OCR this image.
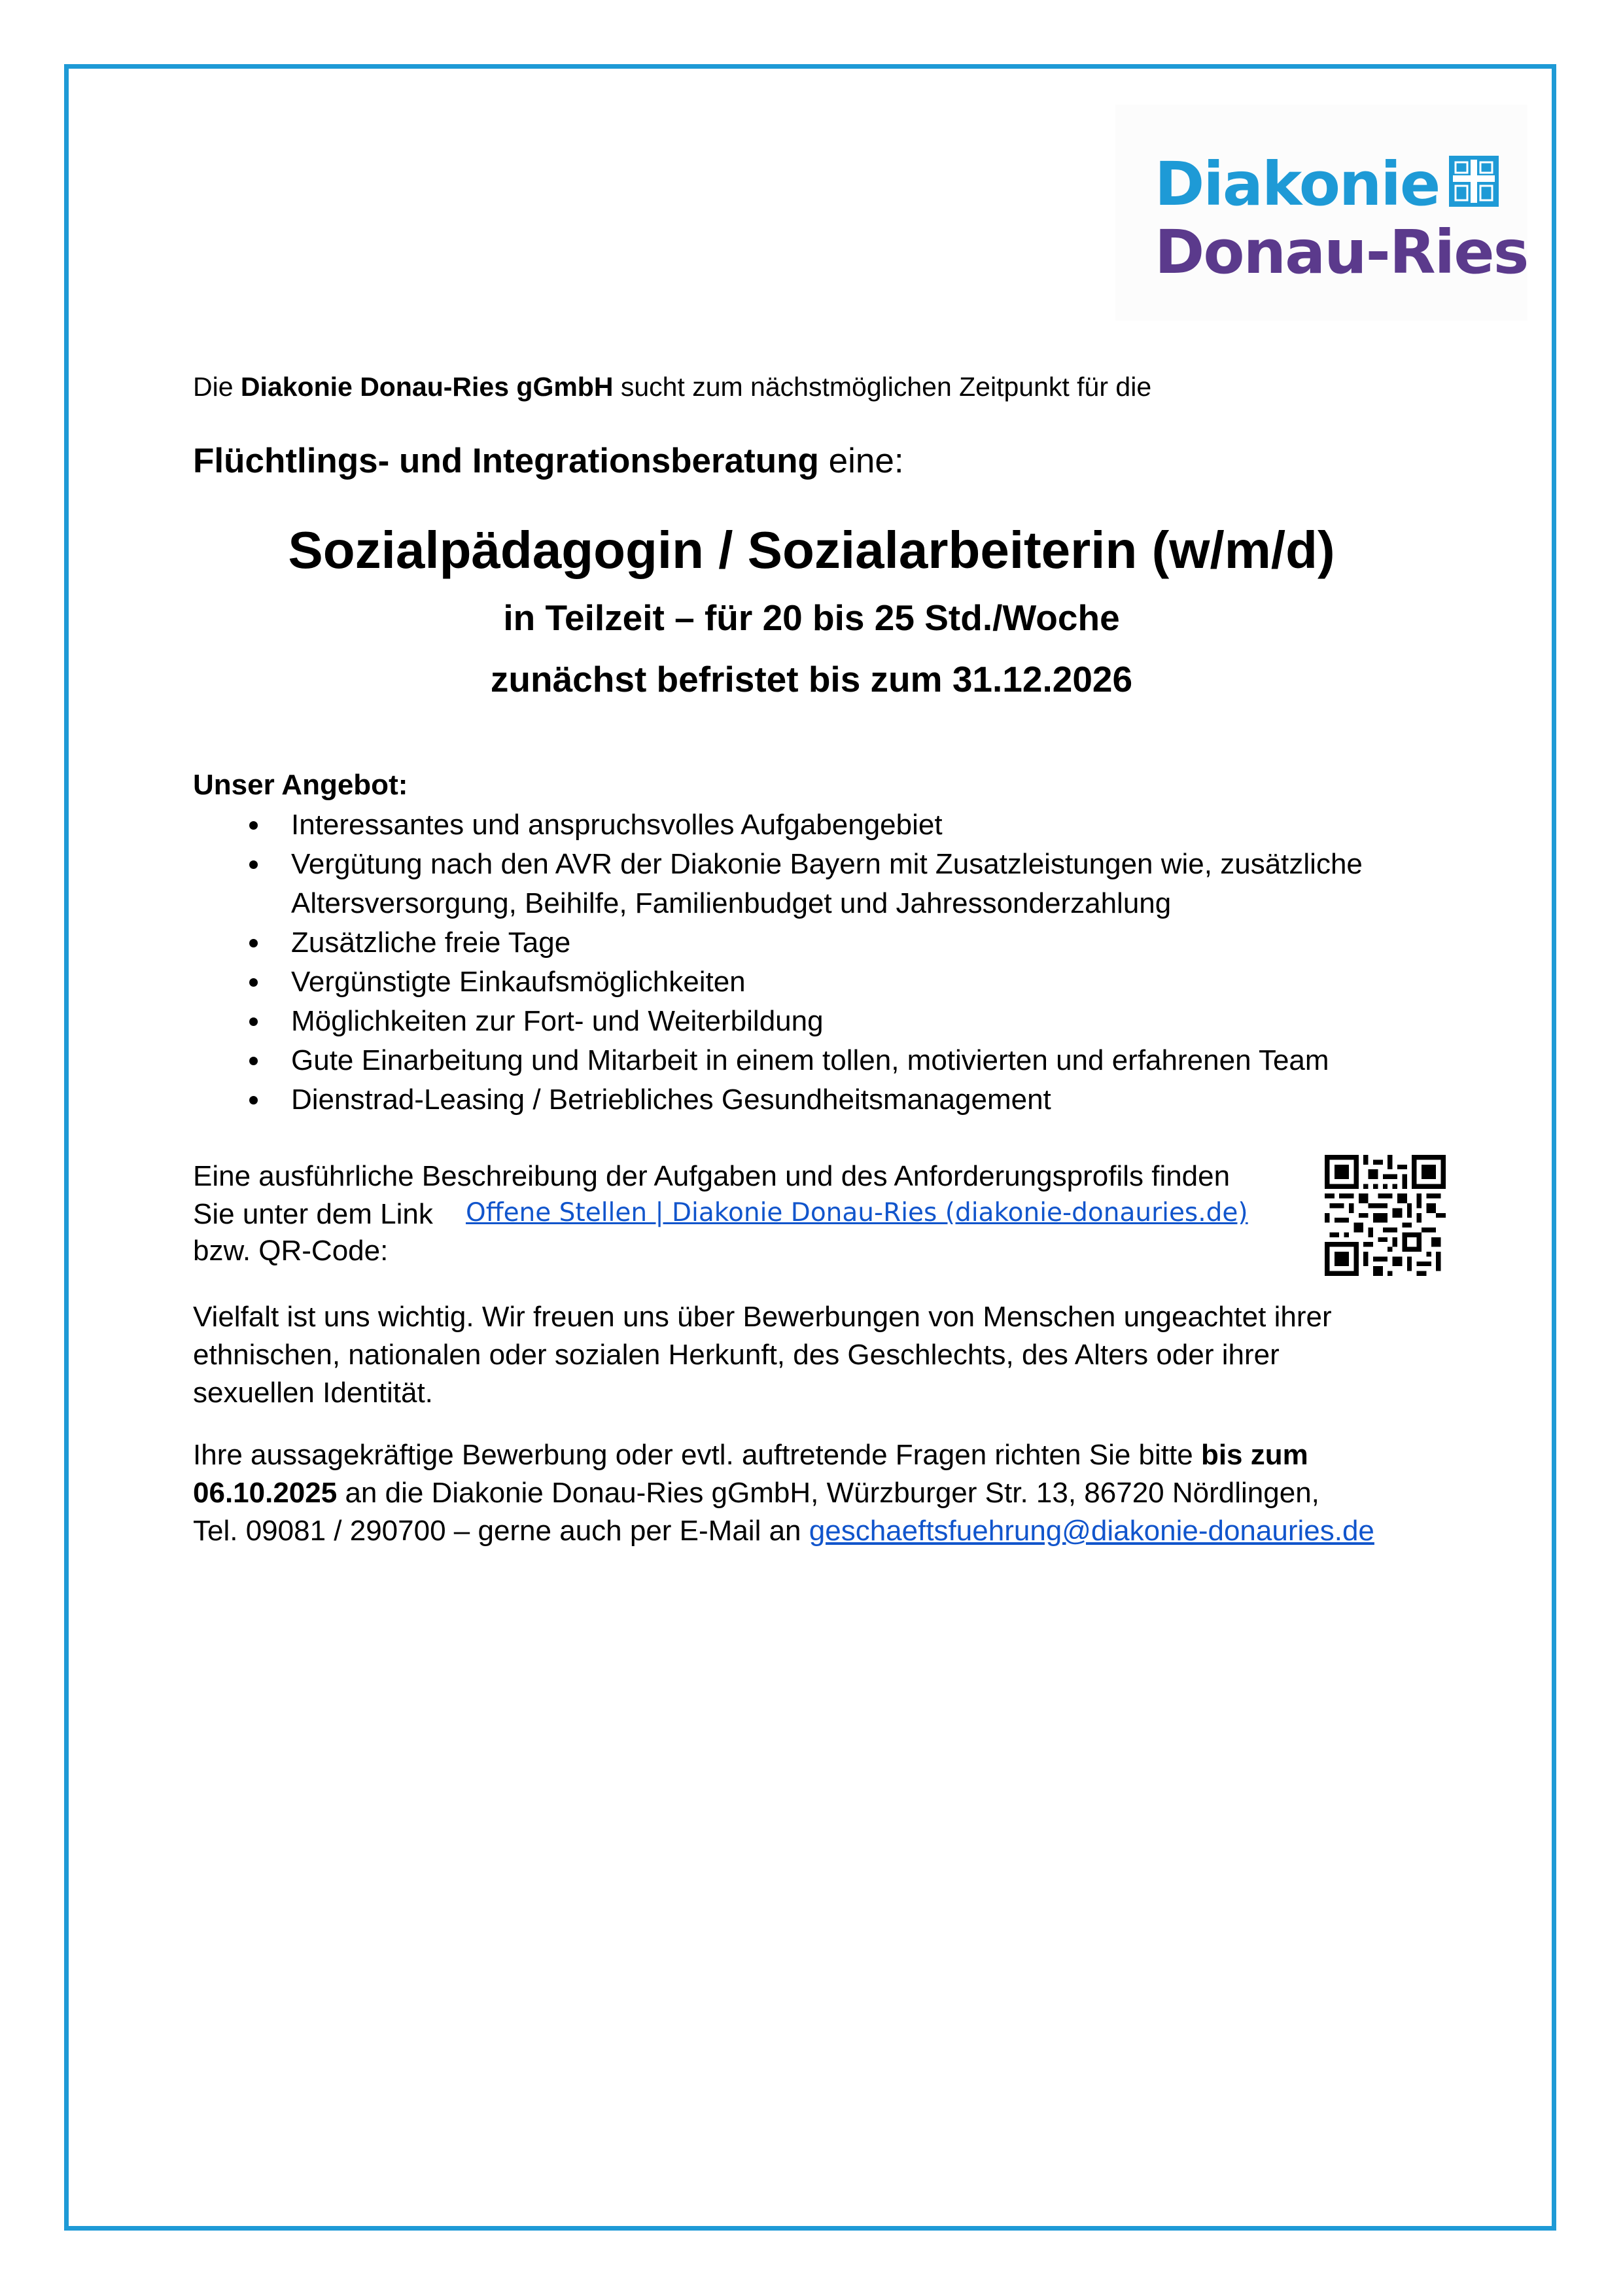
Diakonie
Donau-Ries
Die Diakonie Donau-Ries gGmbH sucht zum nächstmöglichen Zeitpunkt für die
Flüchtlings- und Integrationsberatung eine:
Sozialpädagogin / Sozialarbeiterin (w/m/d)
in Teilzeit – für 20 bis 25 Std./Woche
zunächst befristet bis zum 31.12.2026
Unser Angebot:
Interessantes und anspruchsvolles Aufgabengebiet
Vergütung nach den AVR der Diakonie Bayern mit Zusatzleistungen wie, zusätzliche
Altersversorgung, Beihilfe, Familienbudget und Jahressonderzahlung
Zusätzliche freie Tage
Vergünstigte Einkaufsmöglichkeiten
Möglichkeiten zur Fort- und Weiterbildung
Gute Einarbeitung und Mitarbeit in einem tollen, motivierten und erfahrenen Team
Dienstrad-Leasing / Betriebliches Gesundheitsmanagement
Eine ausführliche Beschreibung der Aufgaben und des Anforderungsprofils finden
Sie unter dem Link Offene Stellen | Diakonie Donau-Ries (diakonie-donauries.de)
bzw. QR-Code:
Vielfalt ist uns wichtig. Wir freuen uns über Bewerbungen von Menschen ungeachtet ihrer
ethnischen, nationalen oder sozialen Herkunft, des Geschlechts, des Alters oder ihrer
sexuellen Identität.
Ihre aussagekräftige Bewerbung oder evtl. auftretende Fragen richten Sie bitte bis zum
06.10.2025 an die Diakonie Donau-Ries gGmbH, Würzburger Str. 13, 86720 Nördlingen,
Tel. 09081 / 290700 – gerne auch per E-Mail an geschaeftsfuehrung@diakonie-donauries.de
